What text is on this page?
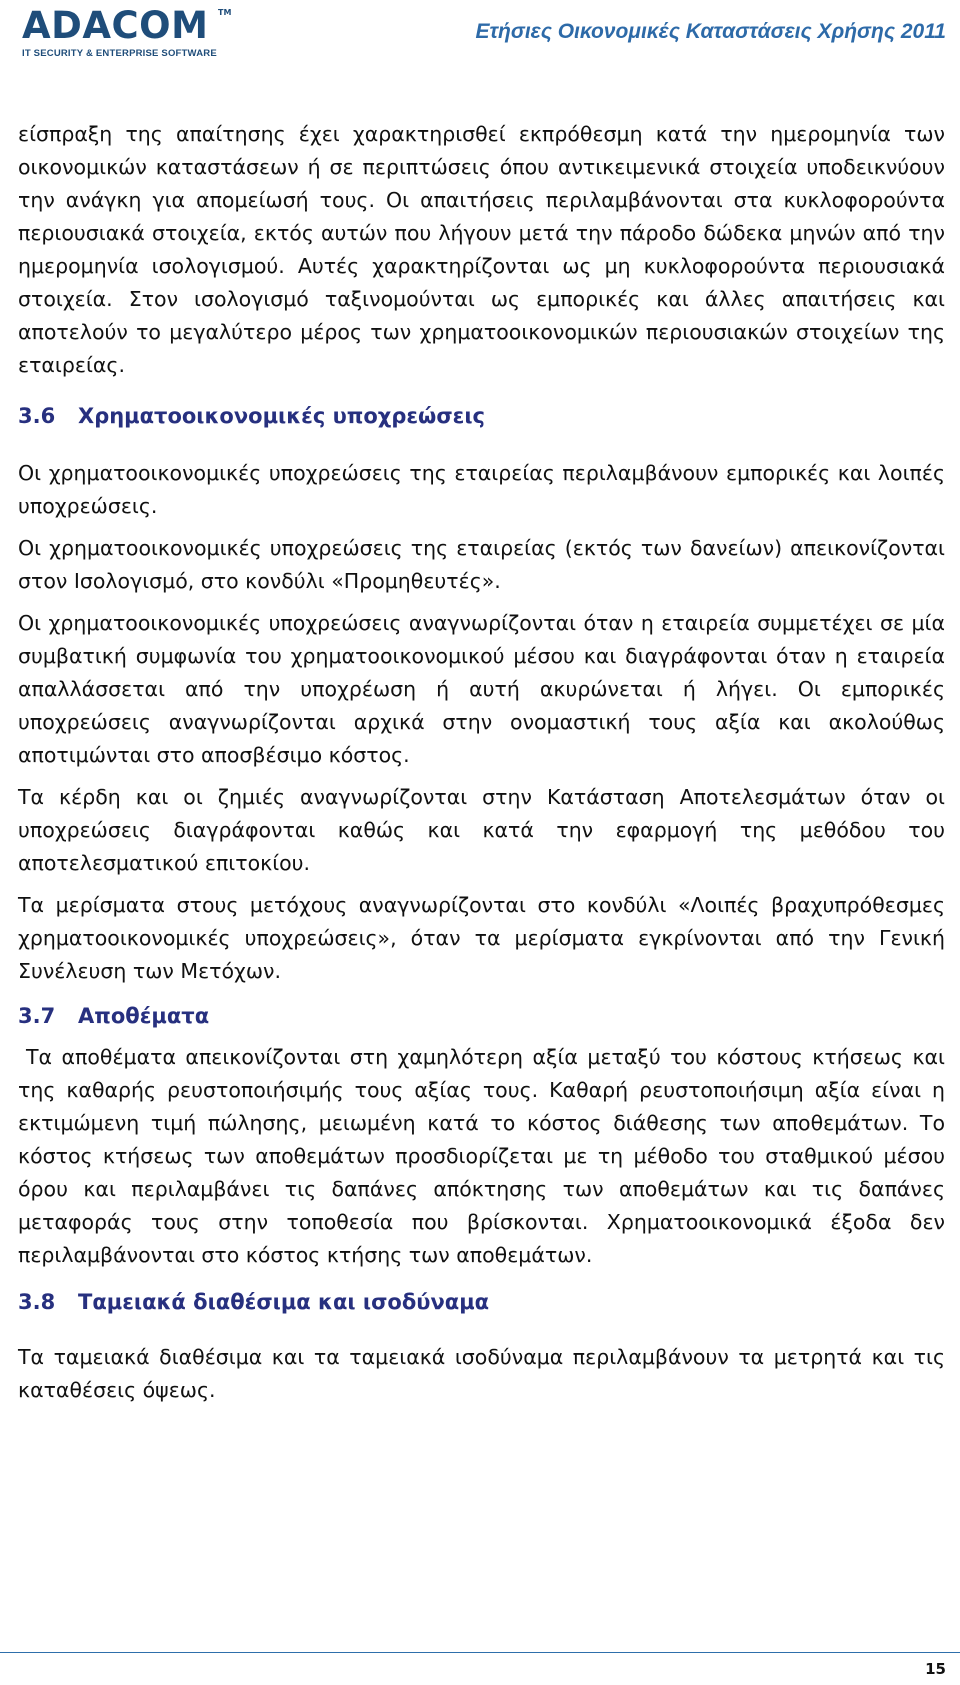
ADACOM TM
IT SECURITY & ENTERPRISE SOFTWARE
Ετήσιες Οικονομικές Καταστάσεις Χρήσης 2011

είσπραξη της απαίτησης έχει χαρακτηρισθεί εκπρόθεσμη κατά την ημερομηνία των οικονομικών καταστάσεων ή σε περιπτώσεις όπου αντικειμενικά στοιχεία υποδεικνύουν την ανάγκη για απομείωσή τους. Οι απαιτήσεις περιλαμβάνονται στα κυκλοφορούντα περιουσιακά στοιχεία, εκτός αυτών που λήγουν μετά την πάροδο δώδεκα μηνών από την ημερομηνία ισολογισμού. Αυτές χαρακτηρίζονται ως μη κυκλοφορούντα περιουσιακά στοιχεία. Στον ισολογισμό ταξινομούνται ως εμπορικές και άλλες απαιτήσεις και αποτελούν το μεγαλύτερο μέρος των χρηματοοικονομικών περιουσιακών στοιχείων της εταιρείας.

3.6 Χρηματοοικονομικές υποχρεώσεις

Οι χρηματοοικονομικές υποχρεώσεις της εταιρείας περιλαμβάνουν εμπορικές και λοιπές υποχρεώσεις.

Οι χρηματοοικονομικές υποχρεώσεις της εταιρείας (εκτός των δανείων) απεικονίζονται στον Ισολογισμό, στο κονδύλι «Προμηθευτές».

Οι χρηματοοικονομικές υποχρεώσεις αναγνωρίζονται όταν η εταιρεία συμμετέχει σε μία συμβατική συμφωνία του χρηματοοικονομικού μέσου και διαγράφονται όταν η εταιρεία απαλλάσσεται από την υποχρέωση ή αυτή ακυρώνεται ή λήγει. Οι εμπορικές υποχρεώσεις αναγνωρίζονται αρχικά στην ονομαστική τους αξία και ακολούθως αποτιμώνται στο αποσβέσιμο κόστος.

Τα κέρδη και οι ζημιές αναγνωρίζονται στην Κατάσταση Αποτελεσμάτων όταν οι υποχρεώσεις διαγράφονται καθώς και κατά την εφαρμογή της μεθόδου του αποτελεσματικού επιτοκίου.

Τα μερίσματα στους μετόχους αναγνωρίζονται στο κονδύλι «Λοιπές βραχυπρόθεσμες χρηματοοικονομικές υποχρεώσεις», όταν τα μερίσματα εγκρίνονται από την Γενική Συνέλευση των Μετόχων.

3.7 Αποθέματα

Τα αποθέματα απεικονίζονται στη χαμηλότερη αξία μεταξύ του κόστους κτήσεως και της καθαρής ρευστοποιήσιμής τους αξίας τους. Καθαρή ρευστοποιήσιμη αξία είναι η εκτιμώμενη τιμή πώλησης, μειωμένη κατά το κόστος διάθεσης των αποθεμάτων. Το κόστος κτήσεως των αποθεμάτων προσδιορίζεται με τη μέθοδο του σταθμικού μέσου όρου και περιλαμβάνει τις δαπάνες απόκτησης των αποθεμάτων και τις δαπάνες μεταφοράς τους στην τοποθεσία που βρίσκονται. Χρηματοοικονομικά έξοδα δεν περιλαμβάνονται στο κόστος κτήσης των αποθεμάτων.

3.8 Ταμειακά διαθέσιμα και ισοδύναμα

Τα ταμειακά διαθέσιμα και τα ταμειακά ισοδύναμα περιλαμβάνουν τα μετρητά και τις καταθέσεις όψεως.

15
